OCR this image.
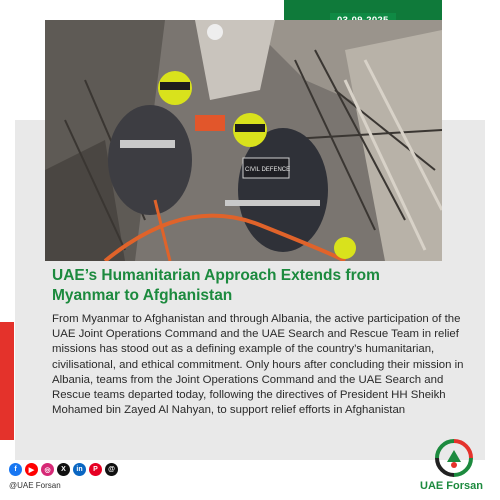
CIVIL DEFENCE
UAE’s Humanitarian Approach Extends from Myanmar to Afghanistan
From Myanmar to Afghanistan and through Albania, the active participation of the UAE Joint Operations Command and the UAE Search and Rescue Team in relief missions has stood out as a defining example of the country’s humanitarian, civilisational, and ethical commitment. Only hours after concluding their mission in Albania, teams from the Joint Operations Command and the UAE Search and Rescue teams departed today, following the directives of President HH Sheikh Mohamed bin Zayed Al Nahyan, to support relief efforts in Afghanistan
f	▶	◎	X	in	P	@
@UAE Forsan	UAE Forsan
